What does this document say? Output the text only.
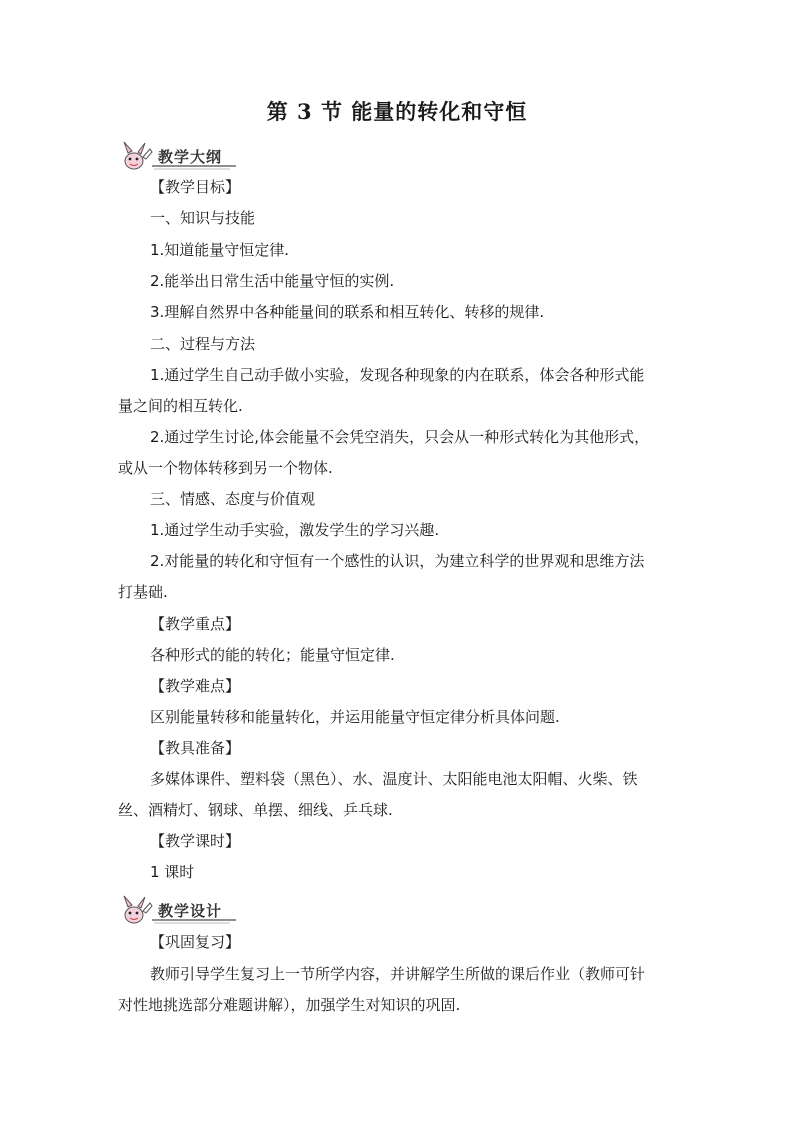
第 3 节 能量的转化和守恒
教学大纲
【教学目标】
一、知识与技能
1.知道能量守恒定律.
2.能举出日常生活中能量守恒的实例.
3.理解自然界中各种能量间的联系和相互转化、转移的规律.
二、过程与方法
1.通过学生自己动手做小实验，发现各种现象的内在联系，体会各种形式能
量之间的相互转化.
2.通过学生讨论,体会能量不会凭空消失，只会从一种形式转化为其他形式，
或从一个物体转移到另一个物体.
三、情感、态度与价值观
1.通过学生动手实验，激发学生的学习兴趣.
2.对能量的转化和守恒有一个感性的认识，为建立科学的世界观和思维方法
打基础.
【教学重点】
各种形式的能的转化；能量守恒定律.
【教学难点】
区别能量转移和能量转化，并运用能量守恒定律分析具体问题.
【教具准备】
多媒体课件、塑料袋（黑色）、水、温度计、太阳能电池太阳帽、火柴、铁
丝、酒精灯、钢球、单摆、细线、乒乓球.
【教学课时】
1 课时
教学设计
【巩固复习】
教师引导学生复习上一节所学内容，并讲解学生所做的课后作业（教师可针
对性地挑选部分难题讲解），加强学生对知识的巩固.
